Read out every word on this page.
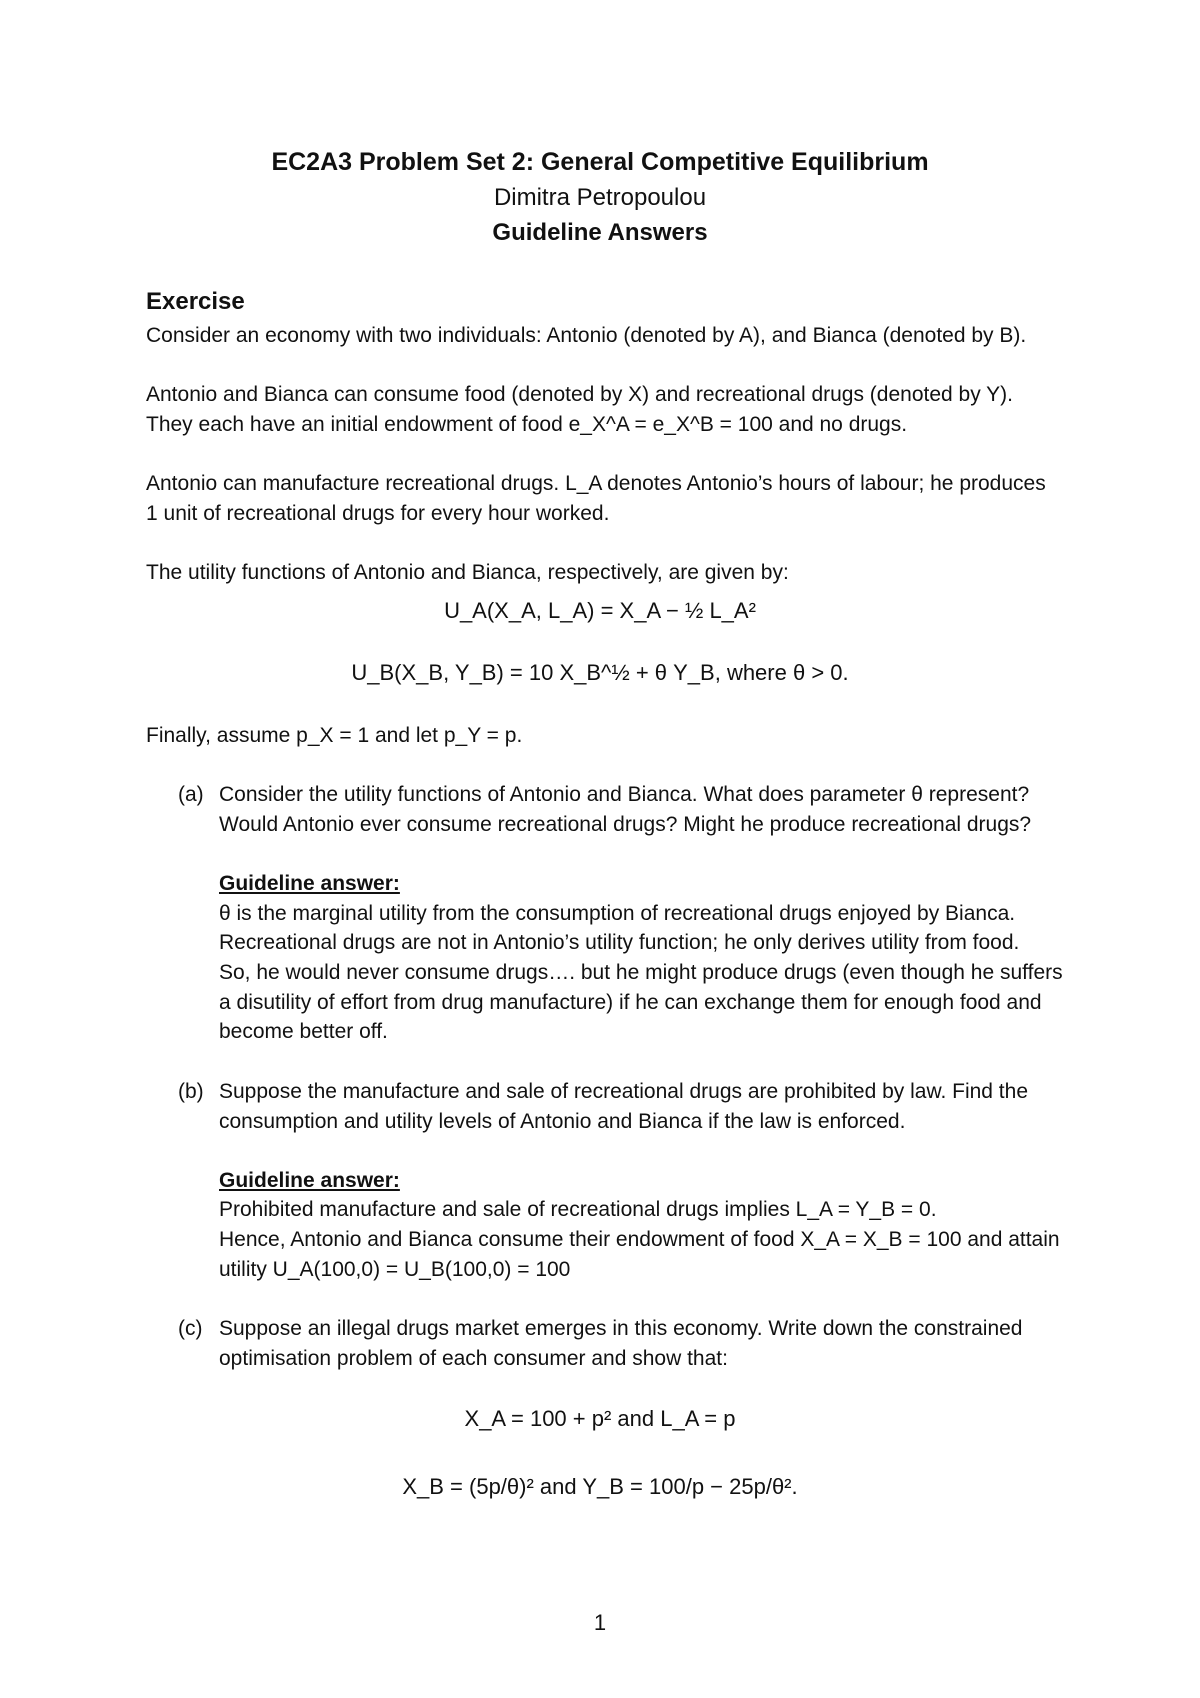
EC2A3 Problem Set 2: General Competitive Equilibrium
Dimitra Petropoulou
Guideline Answers
Exercise
Consider an economy with two individuals: Antonio (denoted by A), and Bianca (denoted by B).
Antonio and Bianca can consume food (denoted by X) and recreational drugs (denoted by Y).
They each have an initial endowment of food e_X^A = e_X^B = 100 and no drugs.
Antonio can manufacture recreational drugs. L_A denotes Antonio’s hours of labour; he produces
1 unit of recreational drugs for every hour worked.
The utility functions of Antonio and Bianca, respectively, are given by:
U_A(X_A, L_A) = X_A − ½ L_A²
U_B(X_B, Y_B) = 10 X_B^½ + θ Y_B, where θ > 0.
Finally, assume p_X = 1 and let p_Y = p.
(a) Consider the utility functions of Antonio and Bianca. What does parameter θ represent?
Would Antonio ever consume recreational drugs? Might he produce recreational drugs?
Guideline answer:
θ is the marginal utility from the consumption of recreational drugs enjoyed by Bianca.
Recreational drugs are not in Antonio’s utility function; he only derives utility from food.
So, he would never consume drugs…. but he might produce drugs (even though he suffers
a disutility of effort from drug manufacture) if he can exchange them for enough food and
become better off.
(b) Suppose the manufacture and sale of recreational drugs are prohibited by law. Find the
consumption and utility levels of Antonio and Bianca if the law is enforced.
Guideline answer:
Prohibited manufacture and sale of recreational drugs implies L_A = Y_B = 0.
Hence, Antonio and Bianca consume their endowment of food X_A = X_B = 100 and attain
utility U_A(100,0) = U_B(100,0) = 100
(c) Suppose an illegal drugs market emerges in this economy. Write down the constrained
optimisation problem of each consumer and show that:
X_A = 100 + p² and L_A = p
X_B = (5p/θ)² and Y_B = 100/p − 25p/θ².
1
